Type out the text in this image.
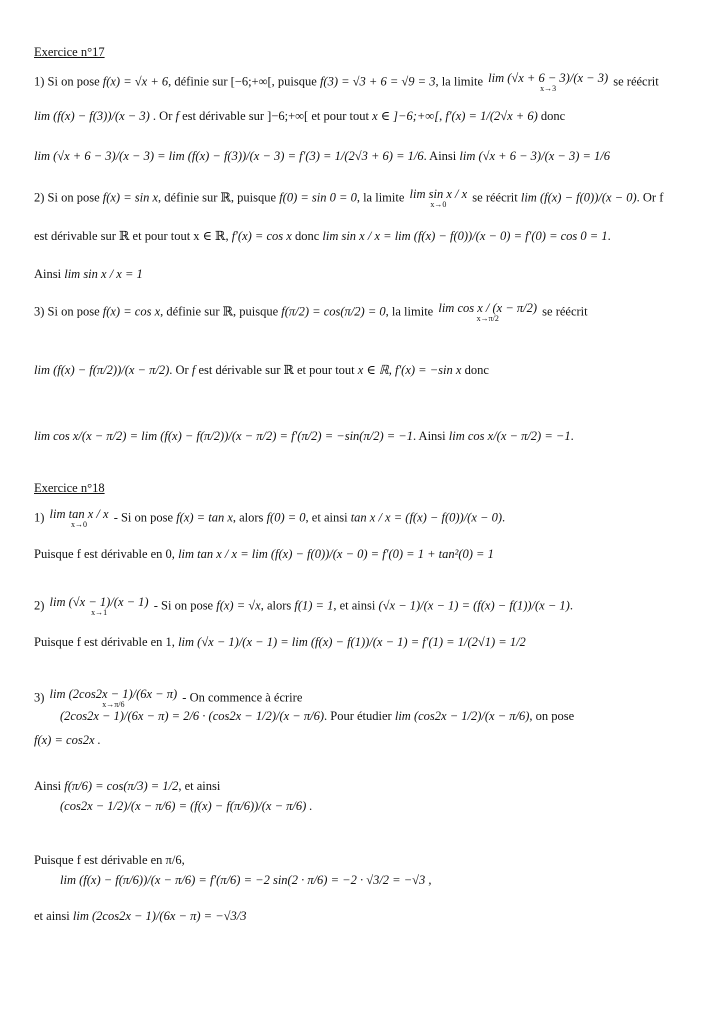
Exercice n°17
1) Si on pose f(x) = √x + 6, définie sur [−6;+∞[, puisque f(3) = √3 + 6 = √9 = 3, la limite lim (√x + 6 − 3)/(x − 3)
x→3
se réécrit
lim (f(x) − f(3))/(x − 3) . Or f est dérivable sur ]−6;+∞[ et pour tout x ∈ ]−6;+∞[, f′(x) = 1/(2√x + 6) donc
lim (√x + 6 − 3)/(x − 3) = lim (f(x) − f(3))/(x − 3) = f′(3) = 1/(2√3 + 6) = 1/6. Ainsi lim (√x + 6 − 3)/(x − 3) = 1/6
2) Si on pose f(x) = sin x, définie sur ℝ, puisque f(0) = sin 0 = 0, la limite lim sin x / x
x→0
se réécrit lim (f(x) − f(0))/(x − 0). Or f
est dérivable sur ℝ et pour tout x ∈ ℝ, f′(x) = cos x donc lim sin x / x = lim (f(x) − f(0))/(x − 0) = f′(0) = cos 0 = 1.
Ainsi lim sin x / x = 1
3) Si on pose f(x) = cos x, définie sur ℝ, puisque f(π/2) = cos(π/2) = 0, la limite lim cos x / (x − π/2)
x→π/2
se réécrit
lim (f(x) − f(π/2))/(x − π/2). Or f est dérivable sur ℝ et pour tout x ∈ ℝ, f′(x) = −sin x donc
lim cos x/(x − π/2) = lim (f(x) − f(π/2))/(x − π/2) = f′(π/2) = −sin(π/2) = −1. Ainsi lim cos x/(x − π/2) = −1.
Exercice n°18
1) lim tan x / x
x→0
- Si on pose f(x) = tan x, alors f(0) = 0, et ainsi tan x / x = (f(x) − f(0))/(x − 0).
Puisque f est dérivable en 0, lim tan x / x = lim (f(x) − f(0))/(x − 0) = f′(0) = 1 + tan²(0) = 1
2) lim (√x − 1)/(x − 1)
x→1
- Si on pose f(x) = √x, alors f(1) = 1, et ainsi (√x − 1)/(x − 1) = (f(x) − f(1))/(x − 1).
Puisque f est dérivable en 1, lim (√x − 1)/(x − 1) = lim (f(x) − f(1))/(x − 1) = f′(1) = 1/(2√1) = 1/2
3) lim (2cos2x − 1)/(6x − π)
x→π/6
- On commence à écrire
(2cos2x − 1)/(6x − π) = 2/6 · (cos2x − 1/2)/(x − π/6). Pour étudier lim (cos2x − 1/2)/(x − π/6), on pose
f(x) = cos2x .
Ainsi f(π/6) = cos(π/3) = 1/2, et ainsi
(cos2x − 1/2)/(x − π/6) = (f(x) − f(π/6))/(x − π/6) .
Puisque f est dérivable en π/6,
lim (f(x) − f(π/6))/(x − π/6) = f′(π/6) = −2 sin(2 · π/6) = −2 · √3/2 = −√3 ,
et ainsi lim (2cos2x − 1)/(6x − π) = −√3/3
